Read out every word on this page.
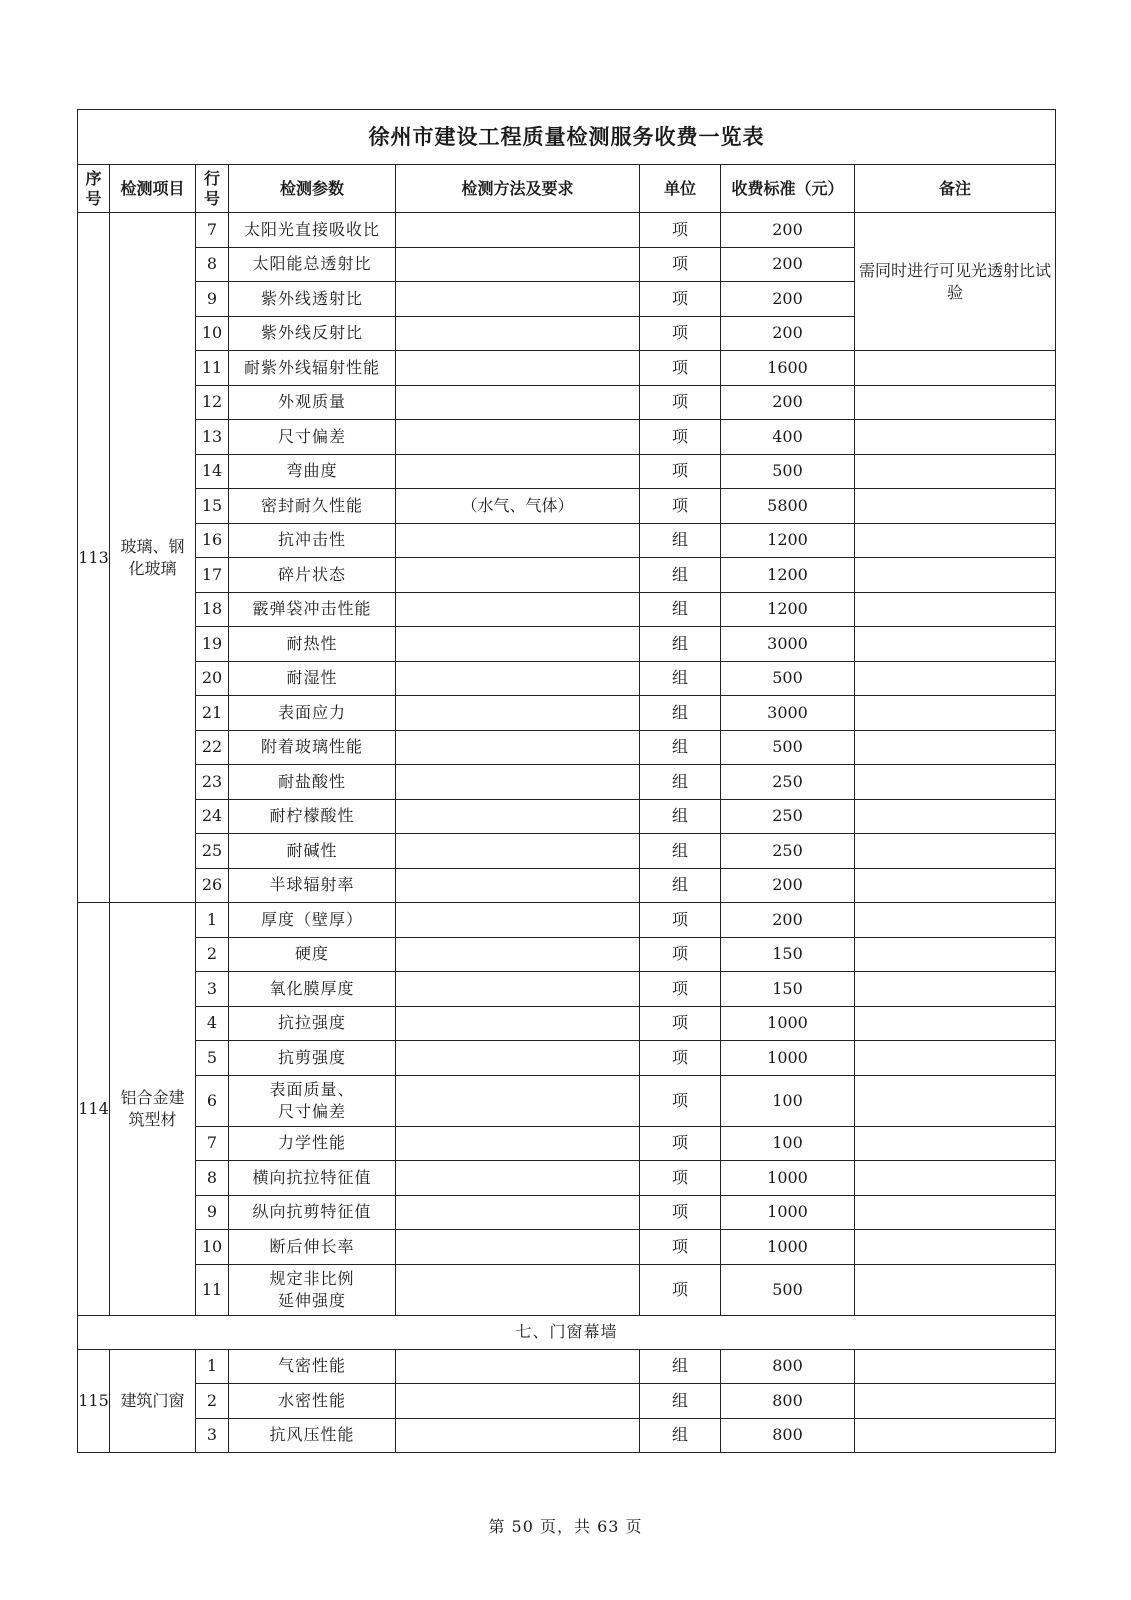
徐州市建设工程质量检测服务收费一览表							
序号	检测项目	行号	检测参数	检测方法及要求	单位	收费标准（元）	备注
113	玻璃、钢化玻璃	7	太阳光直接吸收比		项	200	需同时进行可见光透射比试验
		8	太阳能总透射比		项	200	
		9	紫外线透射比		项	200	
		10	紫外线反射比		项	200	
		11	耐紫外线辐射性能		项	1600	
		12	外观质量		项	200	
		13	尺寸偏差		项	400	
		14	弯曲度		项	500	
		15	密封耐久性能	（水气、气体）	项	5800	
		16	抗冲击性		组	1200	
		17	碎片状态		组	1200	
		18	霰弹袋冲击性能		组	1200	
		19	耐热性		组	3000	
		20	耐湿性		组	500	
		21	表面应力		组	3000	
		22	附着玻璃性能		组	500	
		23	耐盐酸性		组	250	
		24	耐柠檬酸性		组	250	
		25	耐碱性		组	250	
		26	半球辐射率		组	200	
114	铝合金建筑型材	1	厚度（壁厚）		项	200	
		2	硬度		项	150	
		3	氧化膜厚度		项	150	
		4	抗拉强度		项	1000	
		5	抗剪强度		项	1000	
		6	表面质量、
尺寸偏差		项	100	
		7	力学性能		项	100	
		8	横向抗拉特征值		项	1000	
		9	纵向抗剪特征值		项	1000	
		10	断后伸长率		项	1000	
		11	规定非比例
延伸强度		项	500	
七、门窗幕墙							
115	建筑门窗	1	气密性能		组	800	
		2	水密性能		组	800	
		3	抗风压性能		组	800	
第 50 页，共 63 页
